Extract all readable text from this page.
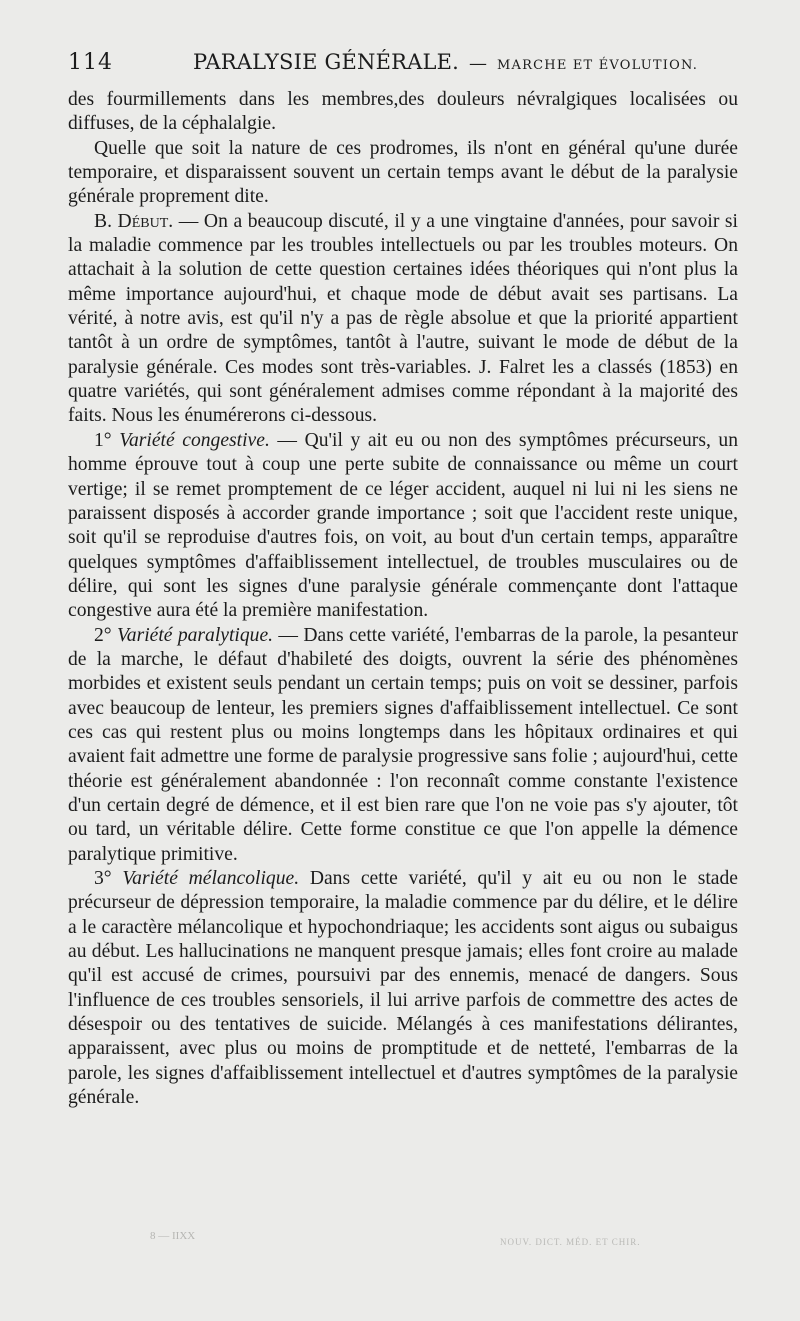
114	PARALYSIE GÉNÉRALE. — MARCHE ET ÉVOLUTION.

des fourmillements dans les membres,des douleurs névralgiques localisées ou diffuses, de la céphalalgie.

Quelle que soit la nature de ces prodromes, ils n'ont en général qu'une durée temporaire, et disparaissent souvent un certain temps avant le début de la paralysie générale proprement dite.

B. Début. — On a beaucoup discuté, il y a une vingtaine d'années, pour savoir si la maladie commence par les troubles intellectuels ou par les troubles moteurs. On attachait à la solution de cette question certaines idées théoriques qui n'ont plus la même importance aujourd'hui, et chaque mode de début avait ses partisans. La vérité, à notre avis, est qu'il n'y a pas de règle absolue et que la priorité appartient tantôt à un ordre de symptômes, tantôt à l'autre, suivant le mode de début de la paralysie générale. Ces modes sont très-variables. J. Falret les a classés (1853) en quatre variétés, qui sont généralement admises comme répondant à la majorité des faits. Nous les énumérerons ci-dessous.

1° Variété congestive. — Qu'il y ait eu ou non des symptômes précurseurs, un homme éprouve tout à coup une perte subite de connaissance ou même un court vertige; il se remet promptement de ce léger accident, auquel ni lui ni les siens ne paraissent disposés à accorder grande importance ; soit que l'accident reste unique, soit qu'il se reproduise d'autres fois, on voit, au bout d'un certain temps, apparaître quelques symptômes d'affaiblissement intellectuel, de troubles musculaires ou de délire, qui sont les signes d'une paralysie générale commençante dont l'attaque congestive aura été la première manifestation.

2° Variété paralytique. — Dans cette variété, l'embarras de la parole, la pesanteur de la marche, le défaut d'habileté des doigts, ouvrent la série des phénomènes morbides et existent seuls pendant un certain temps; puis on voit se dessiner, parfois avec beaucoup de lenteur, les premiers signes d'affaiblissement intellectuel. Ce sont ces cas qui restent plus ou moins longtemps dans les hôpitaux ordinaires et qui avaient fait admettre une forme de paralysie progressive sans folie ; aujourd'hui, cette théorie est généralement abandonnée : l'on reconnaît comme constante l'existence d'un certain degré de démence, et il est bien rare que l'on ne voie pas s'y ajouter, tôt ou tard, un véritable délire. Cette forme constitue ce que l'on appelle la démence paralytique primitive.

3° Variété mélancolique. Dans cette variété, qu'il y ait eu ou non le stade précurseur de dépression temporaire, la maladie commence par du délire, et le délire a le caractère mélancolique et hypochondriaque; les accidents sont aigus ou subaigus au début. Les hallucinations ne manquent presque jamais; elles font croire au malade qu'il est accusé de crimes, poursuivi par des ennemis, menacé de dangers. Sous l'influence de ces troubles sensoriels, il lui arrive parfois de commettre des actes de désespoir ou des tentatives de suicide. Mélangés à ces manifestations délirantes, apparaissent, avec plus ou moins de promptitude et de netteté, l'embarras de la parole, les signes d'affaiblissement intellectuel et d'autres symptômes de la paralysie générale.

8 — IIXX	NOUV. DICT. MÉD. ET CHIR.
